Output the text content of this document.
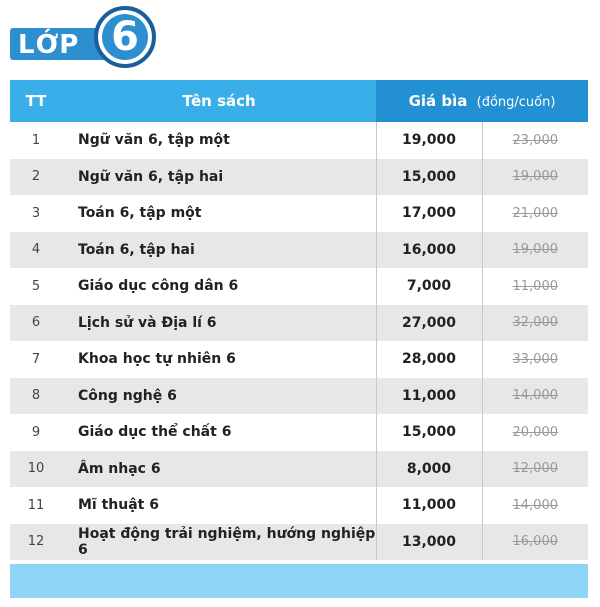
LỚP 6
TT	Tên sách	Giá bìa (đồng/cuốn)	
1	Ngữ văn 6, tập một	19,000	23,000
2	Ngữ văn 6, tập hai	15,000	19,000
3	Toán 6, tập một	17,000	21,000
4	Toán 6, tập hai	16,000	19,000
5	Giáo dục công dân 6	7,000	11,000
6	Lịch sử và Địa lí 6	27,000	32,000
7	Khoa học tự nhiên 6	28,000	33,000
8	Công nghệ 6	11,000	14,000
9	Giáo dục thể chất 6	15,000	20,000
10	Âm nhạc 6	8,000	12,000
11	Mĩ thuật 6	11,000	14,000
12	Hoạt động trải nghiệm, hướng nghiệp 6	13,000	16,000
